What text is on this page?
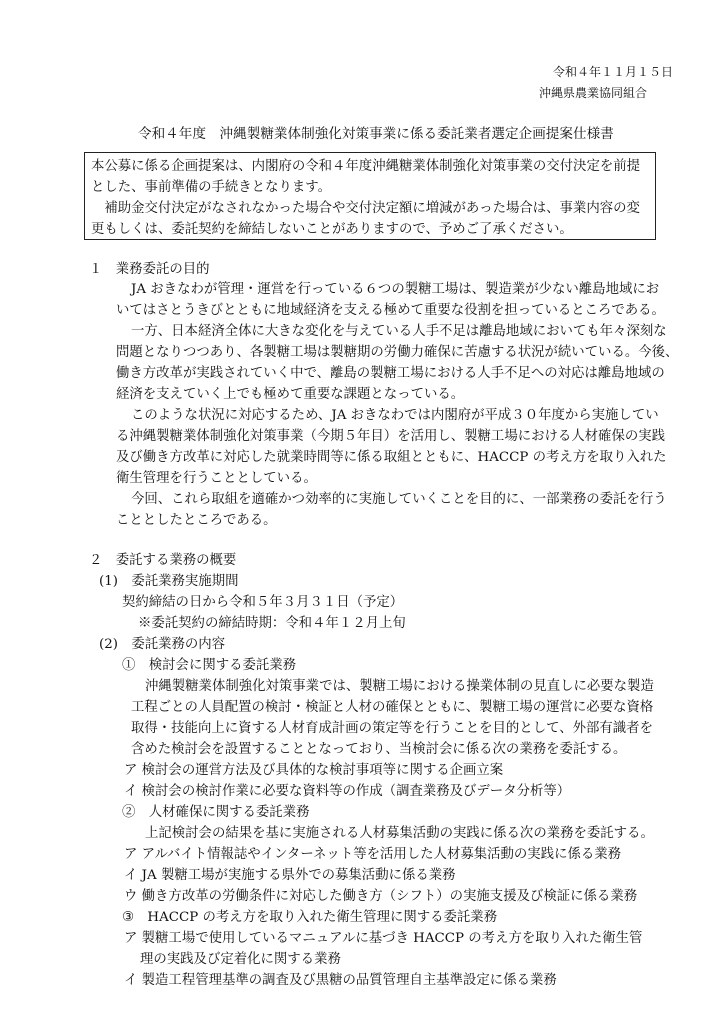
令和４年１１月１５日
沖縄県農業協同組合
令和４年度　沖縄製糖業体制強化対策事業に係る委託業者選定企画提案仕様書
本公募に係る企画提案は、内閣府の令和４年度沖縄糖業体制強化対策事業の交付決定を前提
とした、事前準備の手続きとなります。
　補助金交付決定がなされなかった場合や交付決定額に増減があった場合は、事業内容の変
更もしくは、委託契約を締結しないことがありますので、予めご了承ください。
１　業務委託の目的
JA おきなわが管理・運営を行っている６つの製糖工場は、製造業が少ない離島地域にお
いてはさとうきびとともに地域経済を支える極めて重要な役割を担っているところである。
一方、日本経済全体に大きな変化を与えている人手不足は離島地域においても年々深刻な
問題となりつつあり、各製糖工場は製糖期の労働力確保に苦慮する状況が続いている。今後、
働き方改革が実践されていく中で、離島の製糖工場における人手不足への対応は離島地域の
経済を支えていく上でも極めて重要な課題となっている。
このような状況に対応するため、JA おきなわでは内閣府が平成３０年度から実施してい
る沖縄製糖業体制強化対策事業（今期５年目）を活用し、製糖工場における人材確保の実践
及び働き方改革に対応した就業時間等に係る取組とともに、HACCP の考え方を取り入れた
衛生管理を行うこととしている。
今回、これら取組を適確かつ効率的に実施していくことを目的に、一部業務の委託を行う
こととしたところである。
２　委託する業務の概要
(1)　委託業務実施期間
契約締結の日から令和５年３月３１日（予定）
※委託契約の締結時期：令和４年１２月上旬
(2)　委託業務の内容
①　検討会に関する委託業務
沖縄製糖業体制強化対策事業では、製糖工場における操業体制の見直しに必要な製造
工程ごとの人員配置の検討・検証と人材の確保とともに、製糖工場の運営に必要な資格
取得・技能向上に資する人材育成計画の策定等を行うことを目的として、外部有識者を
含めた検討会を設置することとなっており、当検討会に係る次の業務を委託する。
ア 検討会の運営方法及び具体的な検討事項等に関する企画立案
イ 検討会の検討作業に必要な資料等の作成（調査業務及びデータ分析等）
②　人材確保に関する委託業務
上記検討会の結果を基に実施される人材募集活動の実践に係る次の業務を委託する。
ア アルバイト情報誌やインターネット等を活用した人材募集活動の実践に係る業務
イ JA 製糖工場が実施する県外での募集活動に係る業務
ウ 働き方改革の労働条件に対応した働き方（シフト）の実施支援及び検証に係る業務
③　HACCP の考え方を取り入れた衛生管理に関する委託業務
ア 製糖工場で使用しているマニュアルに基づき HACCP の考え方を取り入れた衛生管
理の実践及び定着化に関する業務
イ 製造工程管理基準の調査及び黒糖の品質管理自主基準設定に係る業務
